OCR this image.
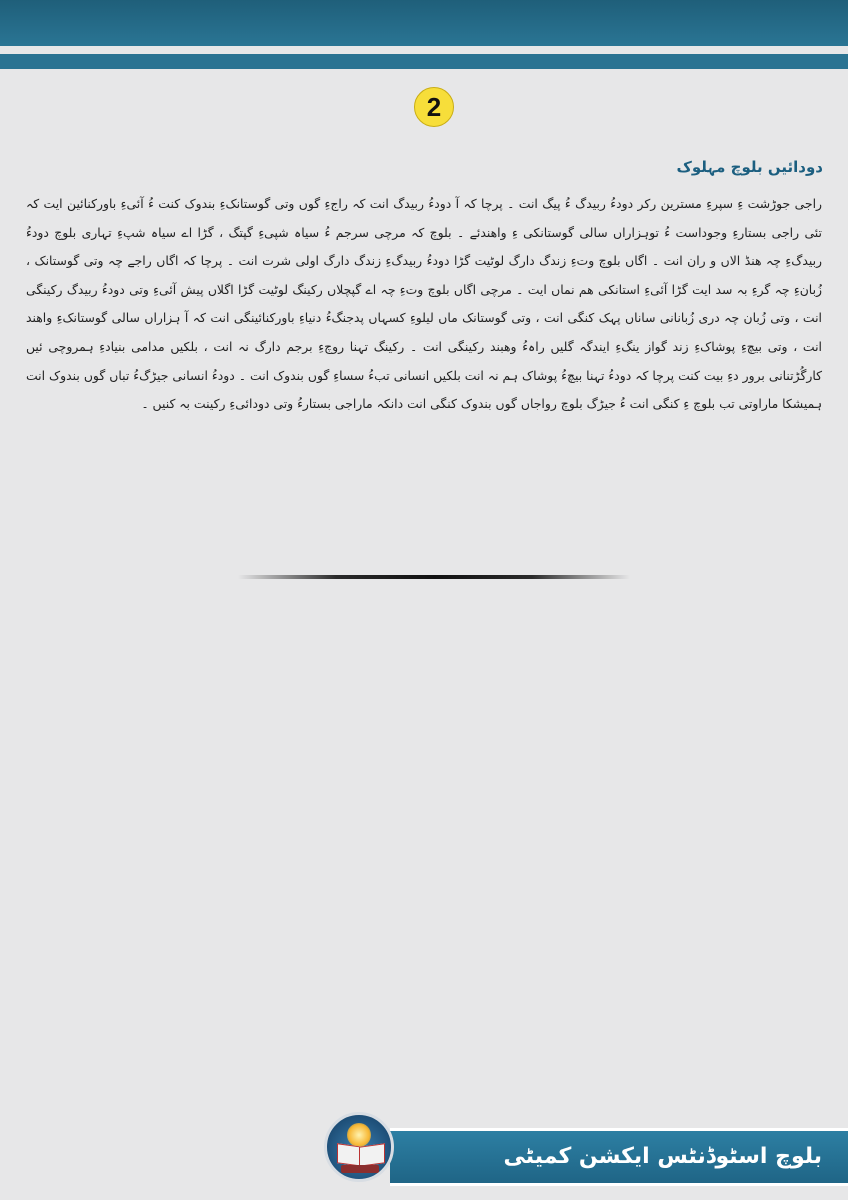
2
دودائیں بلوچ مہلوک
راجی جوڑشت ءِ سپرءِ مسترین رکر دودءُ ربیدگ ءُ پیگ انت ۔ پرچا کہ آ دودءُ ربیدگ انت کہ راجءِ گوں وتی گوستانکءِ بندوک کنت ءُ آئیءِ باورکنائین ایت کہ تئی راجی بستارءِ وجوداست ءُ توہزاراں سالی گوستانکی ءِ واھندئے ۔ بلوچ کہ مرچی سرجم ءُ سیاہ شپیءِ گپتگ ، گڑا اے سیاہ شپءِ تہاری بلوچ دودءُ ربیدگءِ چہ ھنڈ الاں و ران انت ۔ اگاں بلوچ وتءِ زندگ دارگ لوٹیت گڑا دودءُ ربیدگءِ زندگ دارگ اولی شرت انت ۔ پرچا کہ اگاں راجے چہ وتی گوستانک ، زُبانءِ چہ گرءِ بہ سد ایت گڑا آئیءِ استانکی ھم نماں ایت ۔ مرچی اگاں بلوچ وتءِ چہ اے گپچلاں رکینگ لوٹیت گڑا اگلاں پیش آئیءِ وتی دودءُ ربیدگ رکینگی انت ، وتی زُبان چہ دری زُبانانی ساناں پہک کنگی انت ، وتی گوستانک ماں لیلوءِ کسہاں پدجنگءُ دنیاءِ باورکنائینگی انت کہ آ ہزاراں سالی گوستانکءِ واھند انت ، وتی بیچءِ پوشاکءِ زند گواز ینگءِ ایندگہ گلیں راہءُ وھبند رکینگی انت ۔ رکینگ تہنا روچءِ برجم دارگ نہ انت ، بلکیں مدامی بنیادءِ ہمروچی ئیں کارگُڑتنانی برور دءِ بیت کنت پرچا کہ دودءُ تہنا بیچءُ پوشاک ہم نہ انت بلکیں انسانی تبءُ سساءِ گوں بندوک انت ۔ دودءُ انسانی جیڑگءُ تباں گوں بندوک انت ہمیشکا ماراوتی تب بلوچ ءِ کنگی انت ءُ جیڑگ بلوچ رواجاں گوں بندوک کنگی انت دانکہ ماراجی بستارءُ وتی دودائیءِ رکینت بہ کنیں ۔
بلوچ اسٹوڈنٹس ایکشن کمیٹی
